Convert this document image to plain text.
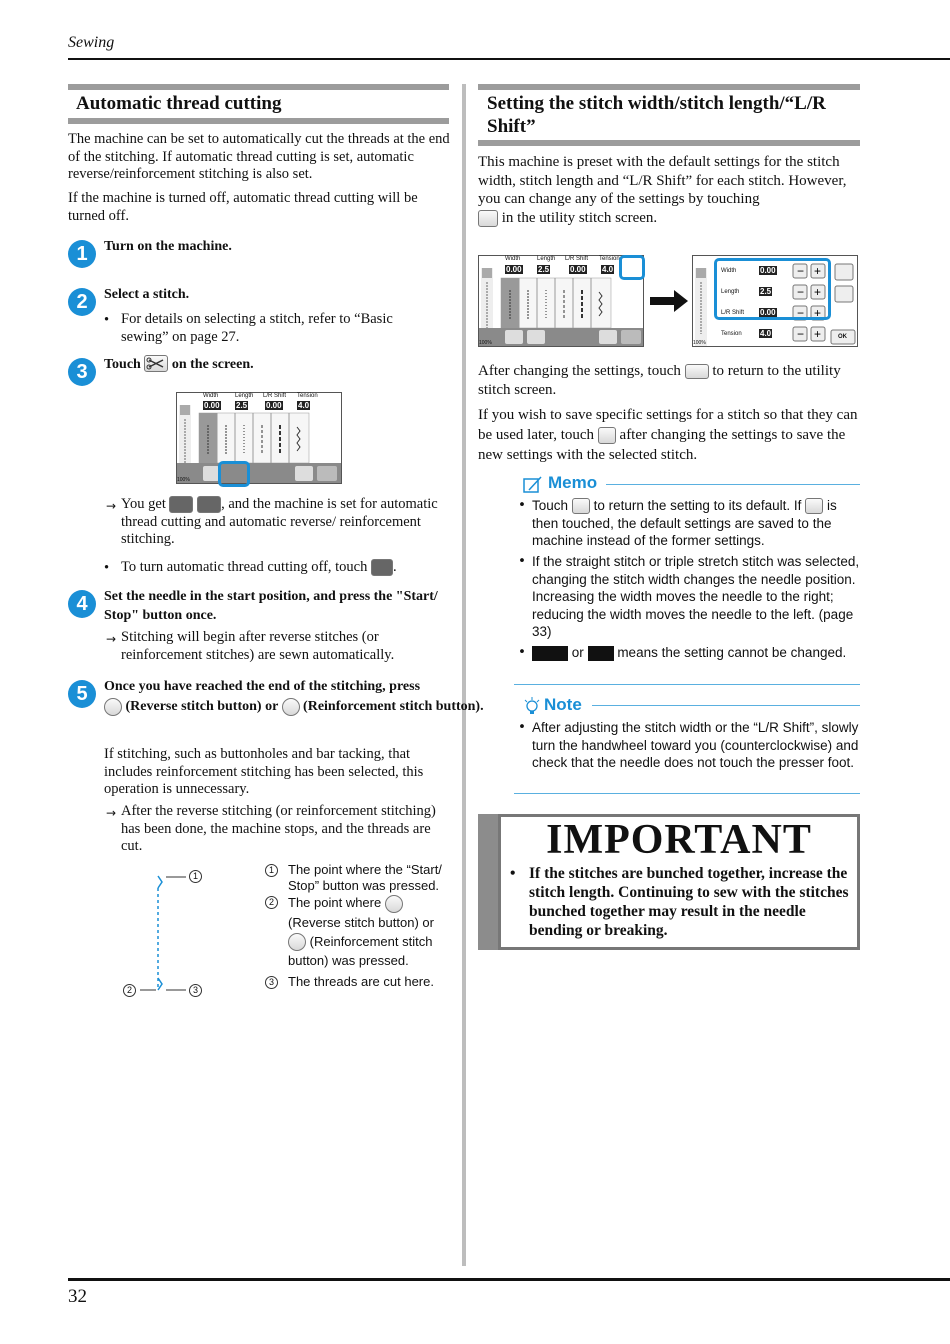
Sewing
32
Automatic thread cutting
The machine can be set to automatically cut the threads at the end of the stitching. If automatic thread cutting is set, automatic reverse/reinforcement stitching is also set.
If the machine is turned off, automatic thread cutting will be turned off.
1	Turn on the machine.
2	Select a stitch.
• For details on selecting a stitch, refer to “Basic sewing” on page 27.
3	Touch on the screen.
Width	Length L/R Shift Tension
0.00 2.5 0.00 4.0
100%
→ You get	, and the machine is set for automatic thread cutting and automatic reverse/ reinforcement stitching.
• To turn automatic thread cutting off, touch .
4	Set the needle in the start position, and press the "Start/ Stop" button once.
→ Stitching will begin after reverse stitches (or reinforcement stitches) are sewn automatically.
5	Once you have reached the end of the stitching, press
(Reverse stitch button) or (Reinforcement stitch button).
If stitching, such as buttonholes and bar tacking, that includes reinforcement stitching has been selected, this operation is unnecessary.
→ After the reverse stitching (or reinforcement stitching) has been done, the machine stops, and the threads are cut.
1
2	3
1	The point where the “Start/ Stop” button was pressed.
2	The point where  (Reverse stitch button) or  (Reinforcement stitch button) was pressed.
3	The threads are cut here.
Setting the stitch width/stitch length/“L/R
Shift”
This machine is preset with the default settings for the stitch width, stitch length and “L/R Shift” for each stitch. However, you can change any of the settings by touching
in the utility stitch screen.
Width	Length L/R Shift Tension
0.00 2.5	0.00 4.0
100%
− +
− +
− +
− +
Width
Length
L/R Shift
Tension
0.00
2.5
0.00
4.0	OK
100%
After changing the settings, touch to return to the utility stitch screen.
If you wish to save specific settings for a stitch so that they can be used later, touch after changing the settings to save the new settings with the selected stitch.
Memo
• Touch to return the setting to its default. If is then touched, the default settings are saved to the machine instead of the former settings.
• If the straight stitch or triple stretch stitch was selected, changing the stitch width changes the needle position. Increasing the width moves the needle to the right; reducing the width moves the needle to the left. (page 33)
•	or means the setting cannot be changed.
Note
• After adjusting the stitch width or the “L/R Shift”, slowly turn the handwheel toward you (counterclockwise) and check that the needle does not touch the presser foot.
IMPORTANT
• If the stitches are bunched together, increase the stitch length. Continuing to sew with the stitches bunched together may result in the needle bending or breaking.
